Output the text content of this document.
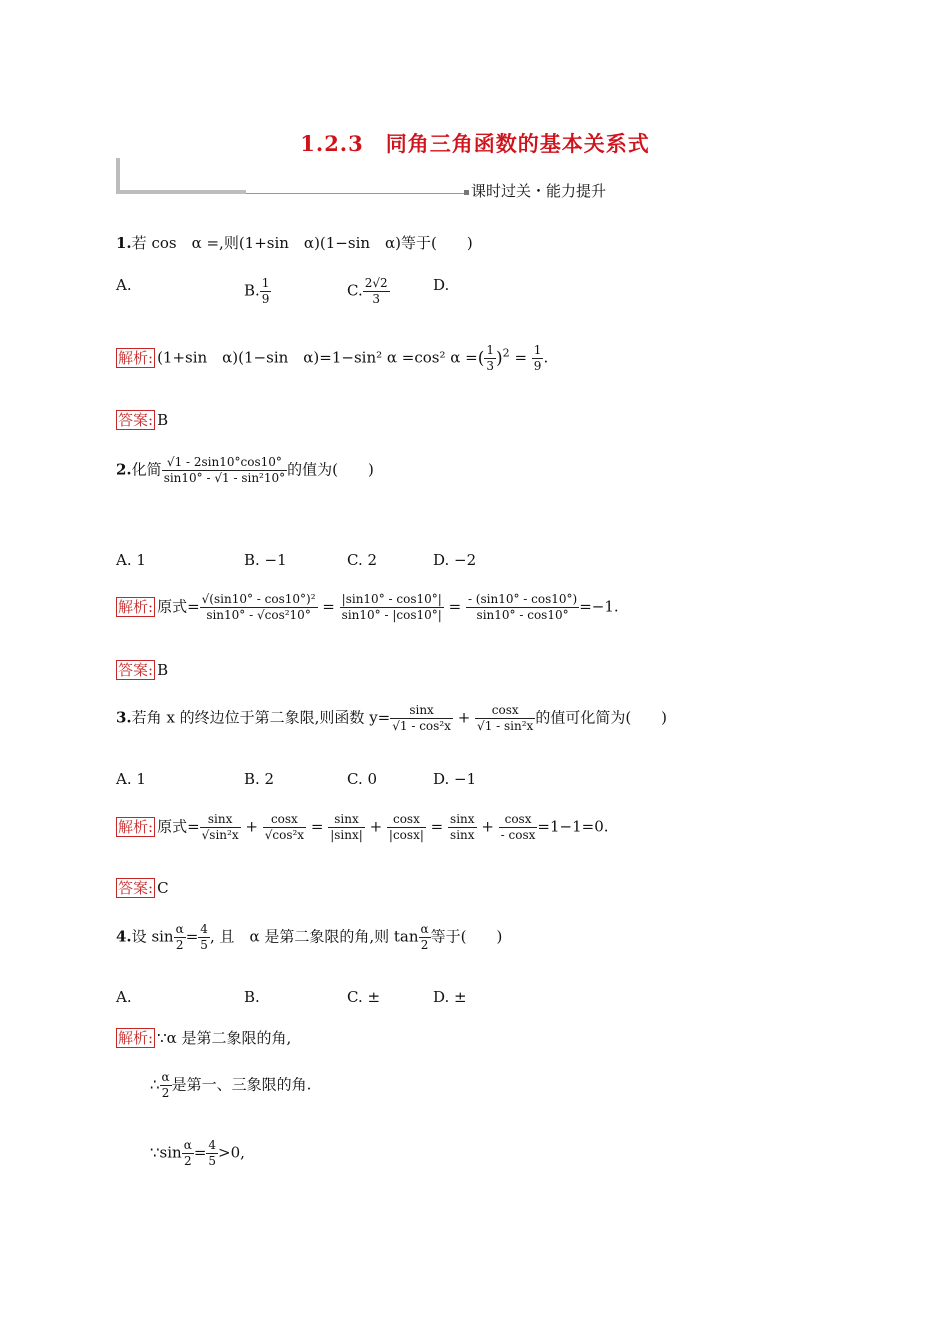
1.2.3　同角三角函数的基本关系式
课时过关・能力提升
1.若 cos　α =,则(1+sin　α)(1−sin　α)等于(　　)
A.	B. $\frac{1}{9}$	C. $\frac{2√2}{3}$	D.
解析: (1+sin　α)(1−sin　α)=1−sin² α =cos² α =( $\frac{1}{3} )^2 = \frac{1}{9}$ .
答案: B
2.化简 $\frac{√1 - 2\sin 10^\circ\cos 10^\circ}{\text{sin10° - √1 - sin²10°}}$ 的值为(　　)
A. 1	B. −1	C. 2	D. −2
解析: 原式= $\frac{\text{√(sin10° - cos10°)²}}{\text{sin10° - √cos²10°}} = \frac{|\sin 10^\circ - \cos 10^\circ|}{\sin 10^\circ - |\cos 10^\circ|} = \frac{- (\sin 10^\circ - \cos 10^\circ)}{\sin 10^\circ - \cos 10^\circ} =-1$.
答案: B
3.若角 x 的终边位于第二象限,则函数 $y= \frac{\sin x}{\text{√1 - cos²x}} + \frac{\cos x}{\text{√1 - sin²x}}$ 的值可化简为(　　)
A. 1	B. 2	C. 0	D. −1
解析: 原式= $\frac{\sin x}{\text{√sin²x}} + \frac{\cos x}{\text{√cos²x}} = \frac{\sin x}{|\sin x|} + \frac{\cos x}{|\cos x|} = \frac{\sin x}{\sin x} + \frac{\cos x}{- \cos x} =1-1=0$.
答案: C
4.设 $\sin \frac{\alpha}{2} = \frac{4}{5}$ , 且　α 是第二象限的角,则 $\tan \frac{\alpha}{2}$ 等于(　　)
A.	B.	C. ±	D. ±
解析: ∵α 是第二象限的角,
∴ $\frac{\alpha}{2}$ 是第一、三象限的角.
∵sin $\frac{\alpha}{2} = \frac{4}{5} >0$,
